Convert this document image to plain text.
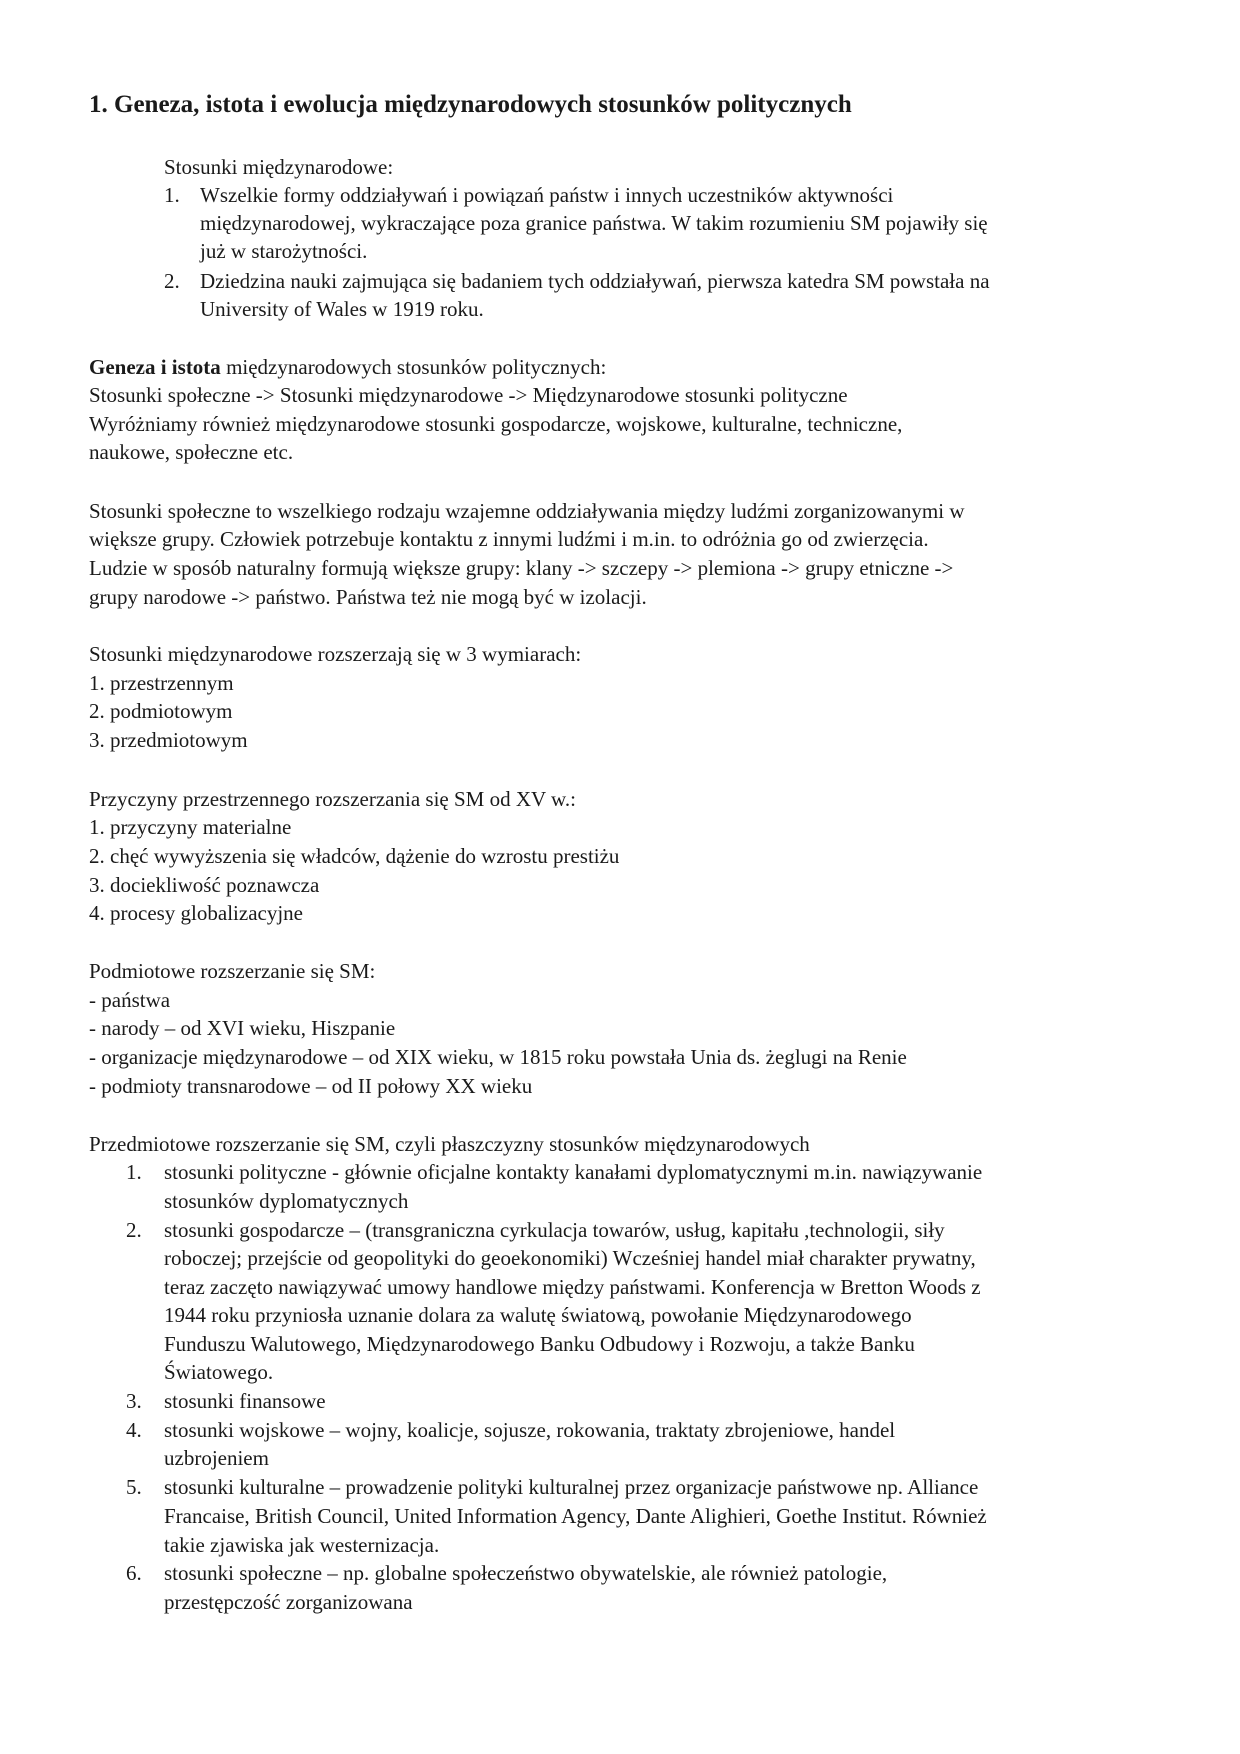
1. Geneza, istota i ewolucja międzynarodowych stosunków politycznych
Stosunki międzynarodowe:
1. Wszelkie formy oddziaływań i powiązań państw i innych uczestników aktywności
międzynarodowej, wykraczające poza granice państwa. W takim rozumieniu SM pojawiły się
już w starożytności.
2. Dziedzina nauki zajmująca się badaniem tych oddziaływań, pierwsza katedra SM powstała na
University of Wales w 1919 roku.
Geneza i istota międzynarodowych stosunków politycznych:
Stosunki społeczne -> Stosunki międzynarodowe -> Międzynarodowe stosunki polityczne
Wyróżniamy również międzynarodowe stosunki gospodarcze, wojskowe, kulturalne, techniczne,
naukowe, społeczne etc.
Stosunki społeczne to wszelkiego rodzaju wzajemne oddziaływania między ludźmi zorganizowanymi w
większe grupy. Człowiek potrzebuje kontaktu z innymi ludźmi i m.in. to odróżnia go od zwierzęcia.
Ludzie w sposób naturalny formują większe grupy: klany -> szczepy -> plemiona -> grupy etniczne ->
grupy narodowe -> państwo. Państwa też nie mogą być w izolacji.
Stosunki międzynarodowe rozszerzają się w 3 wymiarach:
1. przestrzennym
2. podmiotowym
3. przedmiotowym
Przyczyny przestrzennego rozszerzania się SM od XV w.:
1. przyczyny materialne
2. chęć wywyższenia się władców, dążenie do wzrostu prestiżu
3. dociekliwość poznawcza
4. procesy globalizacyjne
Podmiotowe rozszerzanie się SM:
- państwa
- narody – od XVI wieku, Hiszpanie
- organizacje międzynarodowe – od XIX wieku, w 1815 roku powstała Unia ds. żeglugi na Renie
- podmioty transnarodowe – od II połowy XX wieku
Przedmiotowe rozszerzanie się SM, czyli płaszczyzny stosunków międzynarodowych
1. stosunki polityczne - głównie oficjalne kontakty kanałami dyplomatycznymi m.in. nawiązywanie
stosunków dyplomatycznych
2. stosunki gospodarcze – (transgraniczna cyrkulacja towarów, usług, kapitału ,technologii, siły
roboczej; przejście od geopolityki do geoekonomiki) Wcześniej handel miał charakter prywatny,
teraz zaczęto nawiązywać umowy handlowe między państwami. Konferencja w Bretton Woods z
1944 roku przyniosła uznanie dolara za walutę światową, powołanie Międzynarodowego
Funduszu Walutowego, Międzynarodowego Banku Odbudowy i Rozwoju, a także Banku
Światowego.
3. stosunki finansowe
4. stosunki wojskowe – wojny, koalicje, sojusze, rokowania, traktaty zbrojeniowe, handel
uzbrojeniem
5. stosunki kulturalne – prowadzenie polityki kulturalnej przez organizacje państwowe np. Alliance
Francaise, British Council, United Information Agency, Dante Alighieri, Goethe Institut. Również
takie zjawiska jak westernizacja.
6. stosunki społeczne – np. globalne społeczeństwo obywatelskie, ale również patologie,
przestępczość zorganizowana
